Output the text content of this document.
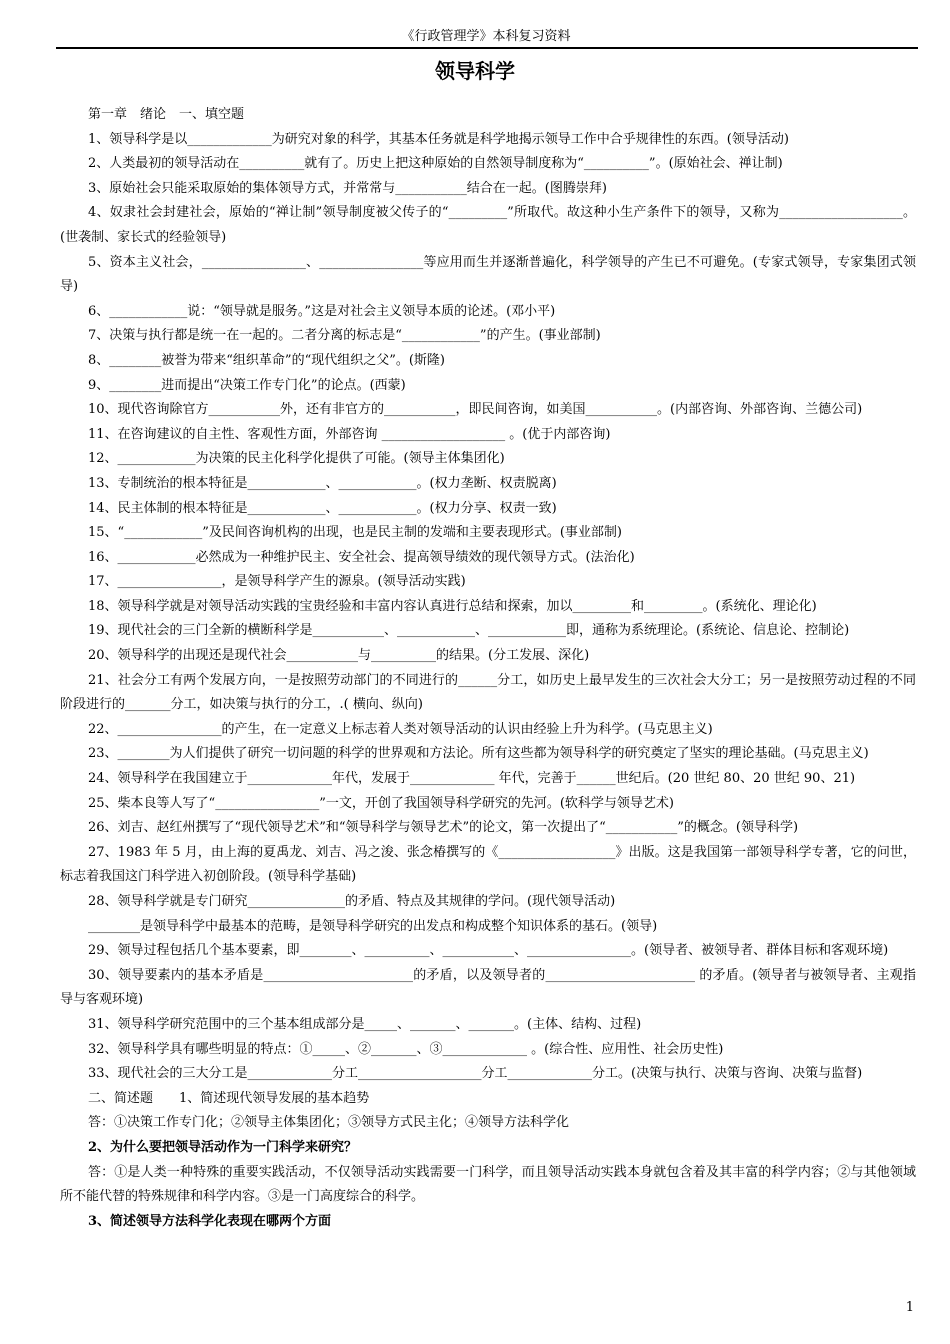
《行政管理学》本科复习资料
领导科学

第一章　绪论　一、填空题

1、领导科学是以_____________为研究对象的科学，其基本任务就是科学地揭示领导工作中合乎规律性的东西。(领导活动)

2、人类最初的领导活动在__________就有了。历史上把这种原始的自然领导制度称为“__________”。(原始社会、禅让制)

3、原始社会只能采取原始的集体领导方式，并常常与___________结合在一起。(图腾崇拜)

4、奴隶社会封建社会，原始的“禅让制”领导制度被父传子的“_________”所取代。故这种小生产条件下的领导，又称为___________________。(世袭制、家长式的经验领导)

5、资本主义社会，________________、________________等应用而生并逐渐普遍化，科学领导的产生已不可避免。(专家式领导，专家集团式领导)

6、____________说：“领导就是服务。”这是对社会主义领导本质的论述。(邓小平)

7、决策与执行都是统一在一起的。二者分离的标志是“____________”的产生。(事业部制)

8、________被誉为带来“组织革命”的“现代组织之父”。(斯隆)

9、________进而提出“决策工作专门化”的论点。(西蒙)

10、现代咨询除官方___________外，还有非官方的___________，即民间咨询，如美国___________。(内部咨询、外部咨询、兰德公司)

11、在咨询建议的自主性、客观性方面，外部咨询 ___________________ 。(优于内部咨询)

12、____________为决策的民主化科学化提供了可能。(领导主体集团化)

13、专制统治的根本特征是____________、____________。(权力垄断、权责脱离)

14、民主体制的根本特征是____________、____________。(权力分享、权责一致)

15、“____________”及民间咨询机构的出现，也是民主制的发端和主要表现形式。(事业部制)

16、____________必然成为一种维护民主、安全社会、提高领导绩效的现代领导方式。(法治化)

17、________________，是领导科学产生的源泉。(领导活动实践)

18、领导科学就是对领导活动实践的宝贵经验和丰富内容认真进行总结和探索，加以_________和_________。(系统化、理论化)

19、现代社会的三门全新的横断科学是___________、____________、____________即，通称为系统理论。(系统论、信息论、控制论)

20、领导科学的出现还是现代社会___________与__________的结果。(分工发展、深化)

21、社会分工有两个发展方向，一是按照劳动部门的不同进行的______分工，如历史上最早发生的三次社会大分工；另一是按照劳动过程的不同阶段进行的_______分工，如决策与执行的分工，.( 横向、纵向)

22、________________的产生，在一定意义上标志着人类对领导活动的认识由经验上升为科学。(马克思主义)

23、________为人们提供了研究一切问题的科学的世界观和方法论。所有这些都为领导科学的研究奠定了坚实的理论基础。(马克思主义)

24、领导科学在我国建立于_____________年代，发展于_____________ 年代，完善于______世纪后。(20 世纪 80、20 世纪 90、21)

25、柴本良等人写了“________________”一文，开创了我国领导科学研究的先河。(软科学与领导艺术)

26、刘吉、赵红州撰写了“现代领导艺术”和“领导科学与领导艺术”的论文，第一次提出了“___________”的概念。(领导科学)

27、1983 年 5 月，由上海的夏禹龙、刘吉、冯之浚、张念椿撰写的《__________________》出版。这是我国第一部领导科学专著，它的问世，标志着我国这门科学进入初创阶段。(领导科学基础)

28、领导科学就是专门研究_______________的矛盾、特点及其规律的学问。(现代领导活动)

________是领导科学中最基本的范畴，是领导科学研究的出发点和构成整个知识体系的基石。(领导)

29、领导过程包括几个基本要素，即________、__________、___________、________________。(领导者、被领导者、群体目标和客观环境)

30、领导要素内的基本矛盾是_______________________的矛盾，以及领导者的_______________________ 的矛盾。(领导者与被领导者、主观指导与客观环境)

31、领导科学研究范围中的三个基本组成部分是_____、_______、_______。(主体、结构、过程)

32、领导科学具有哪些明显的特点：①_____、②_______、③_____________ 。(综合性、应用性、社会历史性)

33、现代社会的三大分工是_____________分工___________________分工_____________分工。(决策与执行、决策与咨询、决策与监督)

二、简述题　　 1、简述现代领导发展的基本趋势

答：①决策工作专门化；②领导主体集团化；③领导方式民主化；④领导方法科学化

2、为什么要把领导活动作为一门科学来研究？

答：①是人类一种特殊的重要实践活动，不仅领导活动实践需要一门科学，而且领导活动实践本身就包含着及其丰富的科学内容；②与其他领域所不能代替的特殊规律和科学内容。③是一门高度综合的科学。

3、简述领导方法科学化表现在哪两个方面

1
